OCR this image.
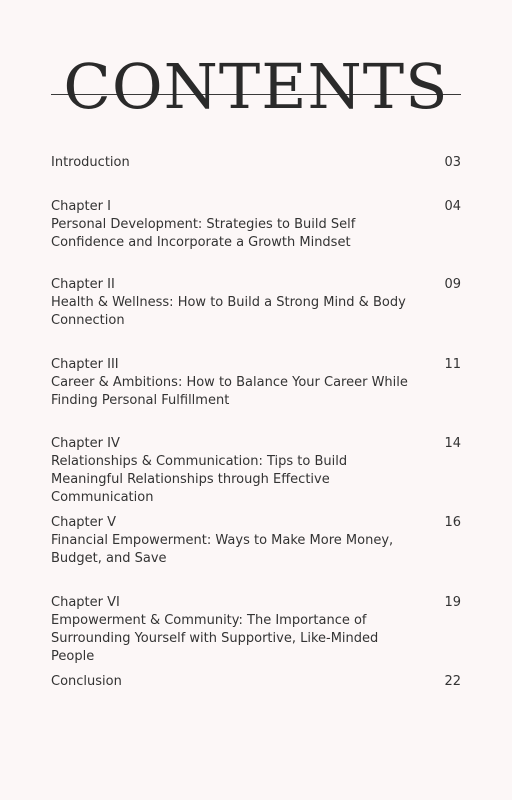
CONTENTS
Introduction	03
Chapter I
Personal Development: Strategies to Build Self Confidence and Incorporate a Growth Mindset
04
Chapter II
Health & Wellness: How to Build a Strong Mind & Body Connection
09
Chapter III
Career & Ambitions: How to Balance Your Career While Finding Personal Fulfillment
11
Chapter IV
Relationships & Communication: Tips to Build Meaningful Relationships through Effective Communication
14
Chapter V
Financial Empowerment: Ways to Make More Money, Budget, and Save
16
Chapter VI
Empowerment & Community: The Importance of Surrounding Yourself with Supportive, Like-Minded People
19
Conclusion	22
